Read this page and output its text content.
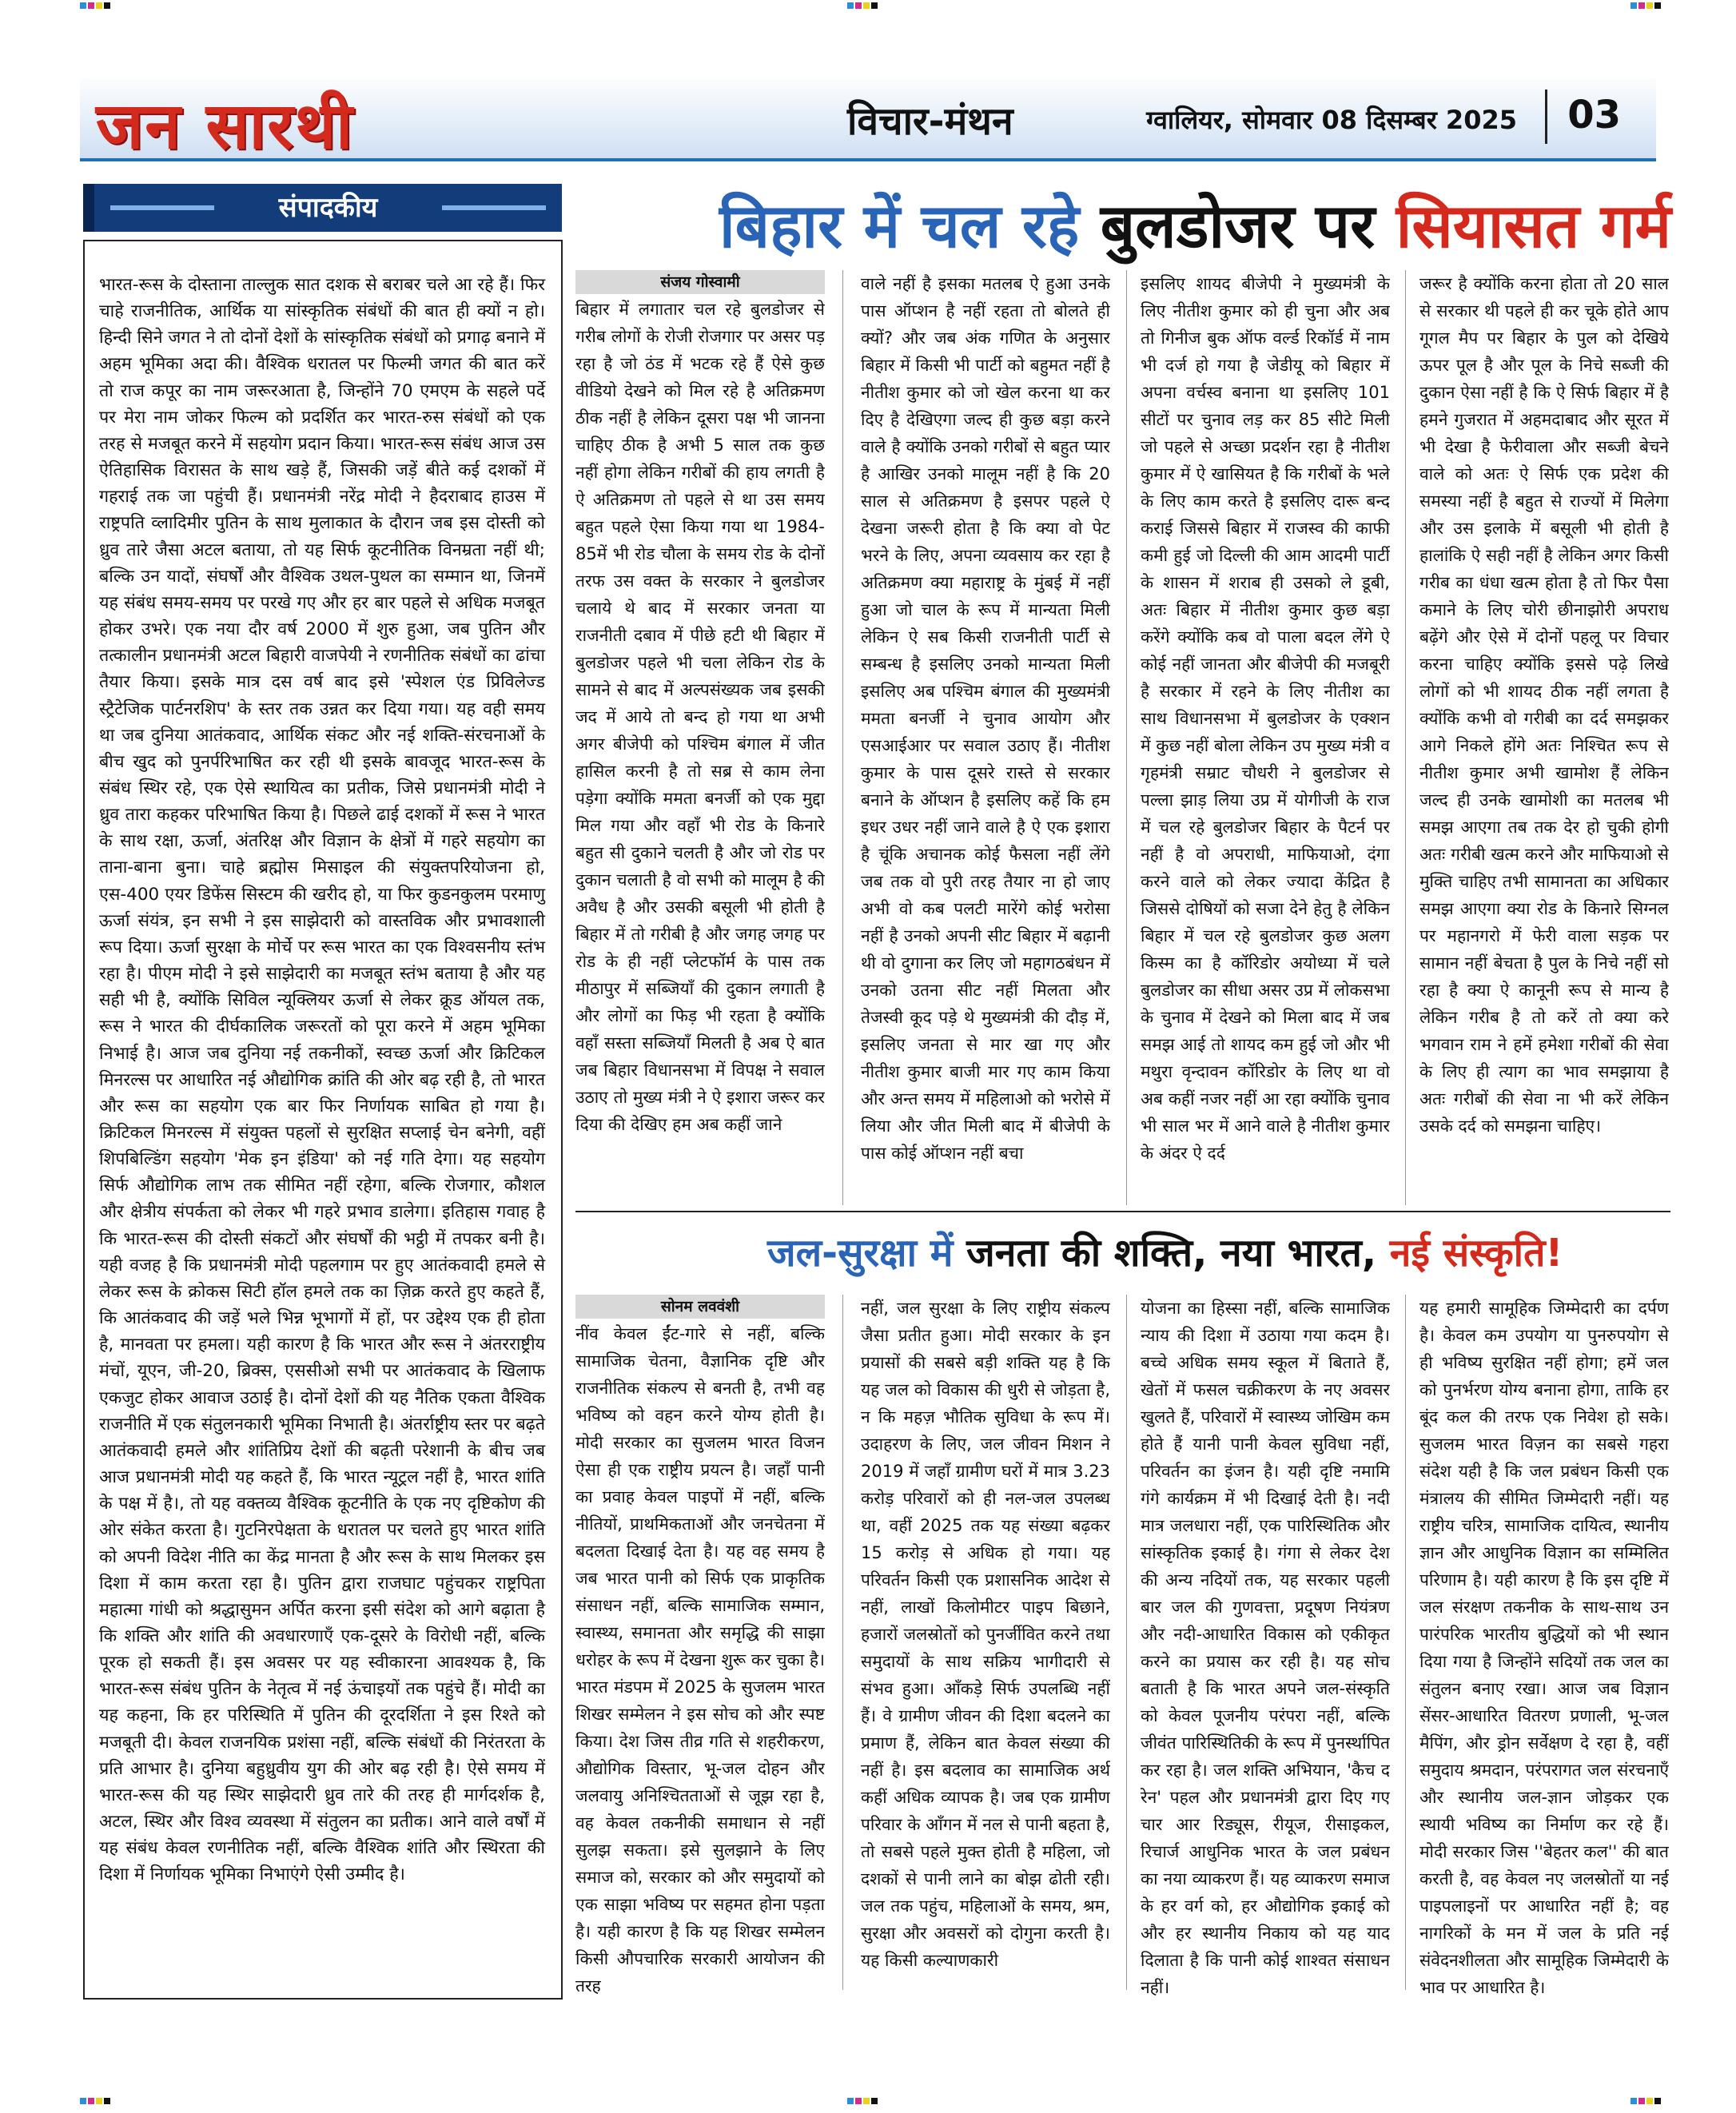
जन सारथी	विचार-मंथन	ग्वालियर, सोमवार 08 दिसम्बर 2025 03
संपादकीय

भारत-रूस के दोस्ताना ताल्लुक सात दशक से बराबर चले आ रहे हैं। फिर चाहे राजनीतिक, आर्थिक या सांस्कृतिक संबंधों की बात ही क्यों न हो। हिन्दी सिने जगत ने तो दोनों देशों के सांस्कृतिक संबंधों को प्रगाढ़ बनाने में अहम भूमिका अदा की। वैश्विक धरातल पर फिल्मी जगत की बात करें तो राज कपूर का नाम जरूरआता है, जिन्होंने 70 एमएम के सहले पर्दे पर मेरा नाम जोकर फिल्म को प्रदर्शित कर भारत-रुस संबंधों को एक तरह से मजबूत करने में सहयोग प्रदान किया। भारत-रूस संबंध आज उस ऐतिहासिक विरासत के साथ खड़े हैं, जिसकी जड़ें बीते कई दशकों में गहराई तक जा पहुंची हैं। प्रधानमंत्री नरेंद्र मोदी ने हैदराबाद हाउस में राष्ट्रपति व्लादिमीर पुतिन के साथ मुलाकात के दौरान जब इस दोस्ती को ध्रुव तारे जैसा अटल बताया, तो यह सिर्फ कूटनीतिक विनम्रता नहीं थी; बल्कि उन यादों, संघर्षों और वैश्विक उथल-पुथल का सम्मान था, जिनमें यह संबंध समय-समय पर परखे गए और हर बार पहले से अधिक मजबूत होकर उभरे। एक नया दौर वर्ष 2000 में शुरु हुआ, जब पुतिन और तत्कालीन प्रधानमंत्री अटल बिहारी वाजपेयी ने रणनीतिक संबंधों का ढांचा तैयार किया। इसके मात्र दस वर्ष बाद इसे 'स्पेशल एंड प्रिविलेज्ड स्ट्रैटेजिक पार्टनरशिप' के स्तर तक उन्नत कर दिया गया। यह वही समय था जब दुनिया आतंकवाद, आर्थिक संकट और नई शक्ति-संरचनाओं के बीच खुद को पुनर्परिभाषित कर रही थी इसके बावजूद भारत-रूस के संबंध स्थिर रहे, एक ऐसे स्थायित्व का प्रतीक, जिसे प्रधानमंत्री मोदी ने ध्रुव तारा कहकर परिभाषित किया है। पिछले ढाई दशकों में रूस ने भारत के साथ रक्षा, ऊर्जा, अंतरिक्ष और विज्ञान के क्षेत्रों में गहरे सहयोग का ताना-बाना बुना। चाहे ब्रह्मोस मिसाइल की संयुक्तपरियोजना हो, एस-400 एयर डिफेंस सिस्टम की खरीद हो, या फिर कुडनकुलम परमाणु ऊर्जा संयंत्र, इन सभी ने इस साझेदारी को वास्तविक और प्रभावशाली रूप दिया। ऊर्जा सुरक्षा के मोर्चे पर रूस भारत का एक विश्वसनीय स्तंभ रहा है। पीएम मोदी ने इसे साझेदारी का मजबूत स्तंभ बताया है और यह सही भी है, क्योंकि सिविल न्यूक्लियर ऊर्जा से लेकर क्रूड ऑयल तक, रूस ने भारत की दीर्घकालिक जरूरतों को पूरा करने में अहम भूमिका निभाई है। आज जब दुनिया नई तकनीकों, स्वच्छ ऊर्जा और क्रिटिकल मिनरल्स पर आधारित नई औद्योगिक क्रांति की ओर बढ़ रही है, तो भारत और रूस का सहयोग एक बार फिर निर्णायक साबित हो गया है। क्रिटिकल मिनरल्स में संयुक्त पहलों से सुरक्षित सप्लाई चेन बनेगी, वहीं शिपबिल्डिंग सहयोग 'मेक इन इंडिया' को नई गति देगा। यह सहयोग सिर्फ औद्योगिक लाभ तक सीमित नहीं रहेगा, बल्कि रोजगार, कौशल और क्षेत्रीय संपर्कता को लेकर भी गहरे प्रभाव डालेगा। इतिहास गवाह है कि भारत-रूस की दोस्ती संकटों और संघर्षों की भट्ठी में तपकर बनी है। यही वजह है कि प्रधानमंत्री मोदी पहलगाम पर हुए आतंकवादी हमले से लेकर रूस के क्रोकस सिटी हॉल हमले तक का ज़िक्र करते हुए कहते हैं, कि आतंकवाद की जड़ें भले भिन्न भूभागों में हों, पर उद्देश्य एक ही होता है, मानवता पर हमला। यही कारण है कि भारत और रूस ने अंतरराष्ट्रीय मंचों, यूएन, जी-20, ब्रिक्स, एससीओ सभी पर आतंकवाद के खिलाफ एकजुट होकर आवाज उठाई है। दोनों देशों की यह नैतिक एकता वैश्विक राजनीति में एक संतुलनकारी भूमिका निभाती है। अंतर्राष्ट्रीय स्तर पर बढ़ते आतंकवादी हमले और शांतिप्रिय देशों की बढ़ती परेशानी के बीच जब आज प्रधानमंत्री मोदी यह कहते हैं, कि भारत न्यूट्रल नहीं है, भारत शांति के पक्ष में है।, तो यह वक्तव्य वैश्विक कूटनीति के एक नए दृष्टिकोण की ओर संकेत करता है। गुटनिरपेक्षता के धरातल पर चलते हुए भारत शांति को अपनी विदेश नीति का केंद्र मानता है और रूस के साथ मिलकर इस दिशा में काम करता रहा है। पुतिन द्वारा राजघाट पहुंचकर राष्ट्रपिता महात्मा गांधी को श्रद्धासुमन अर्पित करना इसी संदेश को आगे बढ़ाता है कि शक्ति और शांति की अवधारणाएँ एक-दूसरे के विरोधी नहीं, बल्कि पूरक हो सकती हैं। इस अवसर पर यह स्वीकारना आवश्यक है, कि भारत-रूस संबंध पुतिन के नेतृत्व में नई ऊंचाइयों तक पहुंचे हैं। मोदी का यह कहना, कि हर परिस्थिति में पुतिन की दूरदर्शिता ने इस रिश्ते को मजबूती दी। केवल राजनयिक प्रशंसा नहीं, बल्कि संबंधों की निरंतरता के प्रति आभार है। दुनिया बहुध्रुवीय युग की ओर बढ़ रही है। ऐसे समय में भारत-रूस की यह स्थिर साझेदारी ध्रुव तारे की तरह ही मार्गदर्शक है, अटल, स्थिर और विश्व व्यवस्था में संतुलन का प्रतीक। आने वाले वर्षों में यह संबंध केवल रणनीतिक नहीं, बल्कि वैश्विक शांति और स्थिरता की दिशा में निर्णायक भूमिका निभाएंगे ऐसी उम्मीद है।

बिहार में चल रहे बुलडोजर पर सियासत गर्म
संजय गोस्वामी

बिहार में लगातार चल रहे बुलडोजर से गरीब लोगों के रोजी रोजगार पर असर पड़ रहा है जो ठंड में भटक रहे हैं ऐसे कुछ वीडियो देखने को मिल रहे है अतिक्रमण ठीक नहीं है लेकिन दूसरा पक्ष भी जानना चाहिए ठीक है अभी 5 साल तक कुछ नहीं होगा लेकिन गरीबों की हाय लगती है ऐ अतिक्रमण तो पहले से था उस समय बहुत पहले ऐसा किया गया था 1984-85में भी रोड चौला के समय रोड के दोनों तरफ उस वक्त के सरकार ने बुलडोजर चलाये थे बाद में सरकार जनता या राजनीती दबाव में पीछे हटी थी बिहार में बुलडोजर पहले भी चला लेकिन रोड के सामने से बाद में अल्पसंख्यक जब इसकी जद में आये तो बन्द हो गया था अभी अगर बीजेपी को पश्चिम बंगाल में जीत हासिल करनी है तो सब्र से काम लेना पड़ेगा क्योंकि ममता बनर्जी को एक मुद्दा मिल गया और वहाँ भी रोड के किनारे बहुत सी दुकाने चलती है और जो रोड पर दुकान चलाती है वो सभी को मालूम है की अवैध है और उसकी बसूली भी होती है बिहार में तो गरीबी है और जगह जगह पर रोड के ही नहीं प्लेटफॉर्म के पास तक मीठापुर में सब्जियाँ की दुकान लगाती है और लोगों का फिड़ भी रहता है क्योंकि वहाँ सस्ता सब्जियाँ मिलती है अब ऐ बात जब बिहार विधानसभा में विपक्ष ने सवाल उठाए तो मुख्य मंत्री ने ऐ इशारा जरूर कर दिया की देखिए हम अब कहीं जाने

वाले नहीं है इसका मतलब ऐ हुआ उनके पास ऑप्शन है नहीं रहता तो बोलते ही क्यों? और जब अंक गणित के अनुसार बिहार में किसी भी पार्टी को बहुमत नहीं है नीतीश कुमार को जो खेल करना था कर दिए है देखिएगा जल्द ही कुछ बड़ा करने वाले है क्योंकि उनको गरीबों से बहुत प्यार है आखिर उनको मालूम नहीं है कि 20 साल से अतिक्रमण है इसपर पहले ऐ देखना जरूरी होता है कि क्या वो पेट भरने के लिए, अपना व्यवसाय कर रहा है अतिक्रमण क्या महाराष्ट्र के मुंबई में नहीं हुआ जो चाल के रूप में मान्यता मिली लेकिन ऐ सब किसी राजनीती पार्टी से सम्बन्ध है इसलिए उनको मान्यता मिली इसलिए अब पश्चिम बंगाल की मुख्यमंत्री ममता बनर्जी ने चुनाव आयोग और एसआईआर पर सवाल उठाए हैं। नीतीश कुमार के पास दूसरे रास्ते से सरकार बनाने के ऑप्शन है इसलिए कहें कि हम इधर उधर नहीं जाने वाले है ऐ एक इशारा है चूंकि अचानक कोई फैसला नहीं लेंगे जब तक वो पुरी तरह तैयार ना हो जाए अभी वो कब पलटी मारेंगे कोई भरोसा नहीं है उनको अपनी सीट बिहार में बढ़ानी थी वो दुगाना कर लिए जो महागठबंधन में उनको उतना सीट नहीं मिलता और तेजस्वी कूद पड़े थे मुख्यमंत्री की दौड़ में, इसलिए जनता से मार खा गए और नीतीश कुमार बाजी मार गए काम किया और अन्त समय में महिलाओ को भरोसे में लिया और जीत मिली बाद में बीजेपी के पास कोई ऑप्शन नहीं बचा

इसलिए शायद बीजेपी ने मुख्यमंत्री के लिए नीतीश कुमार को ही चुना और अब तो गिनीज बुक ऑफ वर्ल्ड रिकॉर्ड में नाम भी दर्ज हो गया है जेडीयू को बिहार में अपना वर्चस्व बनाना था इसलिए 101 सीटों पर चुनाव लड़ कर 85 सीटे मिली जो पहले से अच्छा प्रदर्शन रहा है नीतीश कुमार में ऐ खासियत है कि गरीबों के भले के लिए काम करते है इसलिए दारू बन्द कराई जिससे बिहार में राजस्व की काफी कमी हुई जो दिल्ली की आम आदमी पार्टी के शासन में शराब ही उसको ले डूबी, अतः बिहार में नीतीश कुमार कुछ बड़ा करेंगे क्योंकि कब वो पाला बदल लेंगे ऐ कोई नहीं जानता और बीजेपी की मजबूरी है सरकार में रहने के लिए नीतीश का साथ विधानसभा में बुलडोजर के एक्शन में कुछ नहीं बोला लेकिन उप मुख्य मंत्री व गृहमंत्री सम्राट चौधरी ने बुलडोजर से पल्ला झाड़ लिया उप्र में योगीजी के राज में चल रहे बुलडोजर बिहार के पैटर्न पर नहीं है वो अपराधी, माफियाओ, दंगा करने वाले को लेकर ज्यादा केंद्रित है जिससे दोषियों को सजा देने हेतु है लेकिन बिहार में चल रहे बुलडोजर कुछ अलग किस्म का है कॉरिडोर अयोध्या में चले बुलडोजर का सीधा असर उप्र में लोकसभा के चुनाव में देखने को मिला बाद में जब समझ आई तो शायद कम हुई जो और भी मथुरा वृन्दावन कॉरिडोर के लिए था वो अब कहीं नजर नहीं आ रहा क्योंकि चुनाव भी साल भर में आने वाले है नीतीश कुमार के अंदर ऐ दर्द

जरूर है क्योंकि करना होता तो 20 साल से सरकार थी पहले ही कर चूके होते आप गूगल मैप पर बिहार के पुल को देखिये ऊपर पूल है और पूल के निचे सब्जी की दुकान ऐसा नहीं है कि ऐ सिर्फ बिहार में है हमने गुजरात में अहमदाबाद और सूरत में भी देखा है फेरीवाला और सब्जी बेचने वाले को अतः ऐ सिर्फ एक प्रदेश की समस्या नहीं है बहुत से राज्यों में मिलेगा और उस इलाके में बसूली भी होती है हालांकि ऐ सही नहीं है लेकिन अगर किसी गरीब का धंधा खत्म होता है तो फिर पैसा कमाने के लिए चोरी छीनाझोरी अपराध बढ़ेंगे और ऐसे में दोनों पहलू पर विचार करना चाहिए क्योंकि इससे पढ़े लिखे लोगों को भी शायद ठीक नहीं लगता है क्योंकि कभी वो गरीबी का दर्द समझकर आगे निकले होंगे अतः निश्चित रूप से नीतीश कुमार अभी खामोश हैं लेकिन जल्द ही उनके खामोशी का मतलब भी समझ आएगा तब तक देर हो चुकी होगी अतः गरीबी खत्म करने और माफियाओ से मुक्ति चाहिए तभी सामानता का अधिकार समझ आएगा क्या रोड के किनारे सिग्नल पर महानगरो में फेरी वाला सड़क पर सामान नहीं बेचता है पुल के निचे नहीं सो रहा है क्या ऐ कानूनी रूप से मान्य है लेकिन गरीब है तो करें तो क्या करे भगवान राम ने हमें हमेशा गरीबों की सेवा के लिए ही त्याग का भाव समझाया है अतः गरीबों की सेवा ना भी करें लेकिन उसके दर्द को समझना चाहिए।

जल-सुरक्षा में जनता की शक्ति, नया भारत, नई संस्कृति!
सोनम लववंशी

नींव केवल ईंट-गारे से नहीं, बल्कि सामाजिक चेतना, वैज्ञानिक दृष्टि और राजनीतिक संकल्प से बनती है, तभी वह भविष्य को वहन करने योग्य होती है। मोदी सरकार का सुजलम भारत विजन ऐसा ही एक राष्ट्रीय प्रयत्न है। जहाँ पानी का प्रवाह केवल पाइपों में नहीं, बल्कि नीतियों, प्राथमिकताओं और जनचेतना में बदलता दिखाई देता है। यह वह समय है जब भारत पानी को सिर्फ एक प्राकृतिक संसाधन नहीं, बल्कि सामाजिक सम्मान, स्वास्थ्य, समानता और समृद्धि की साझा धरोहर के रूप में देखना शुरू कर चुका है। भारत मंडपम में 2025 के सुजलम भारत शिखर सम्मेलन ने इस सोच को और स्पष्ट किया। देश जिस तीव्र गति से शहरीकरण, औद्योगिक विस्तार, भू-जल दोहन और जलवायु अनिश्चितताओं से जूझ रहा है, वह केवल तकनीकी समाधान से नहीं सुलझ सकता। इसे सुलझाने के लिए समाज को, सरकार को और समुदायों को एक साझा भविष्य पर सहमत होना पड़ता है। यही कारण है कि यह शिखर सम्मेलन किसी औपचारिक सरकारी आयोजन की तरह

नहीं, जल सुरक्षा के लिए राष्ट्रीय संकल्प जैसा प्रतीत हुआ। मोदी सरकार के इन प्रयासों की सबसे बड़ी शक्ति यह है कि यह जल को विकास की धुरी से जोड़ता है, न कि महज़ भौतिक सुविधा के रूप में। उदाहरण के लिए, जल जीवन मिशन ने 2019 में जहाँ ग्रामीण घरों में मात्र 3.23 करोड़ परिवारों को ही नल-जल उपलब्ध था, वहीं 2025 तक यह संख्या बढ़कर 15 करोड़ से अधिक हो गया। यह परिवर्तन किसी एक प्रशासनिक आदेश से नहीं, लाखों किलोमीटर पाइप बिछाने, हजारों जलस्रोतों को पुनर्जीवित करने तथा समुदायों के साथ सक्रिय भागीदारी से संभव हुआ। आँकड़े सिर्फ उपलब्धि नहीं हैं। वे ग्रामीण जीवन की दिशा बदलने का प्रमाण हैं, लेकिन बात केवल संख्या की नहीं है। इस बदलाव का सामाजिक अर्थ कहीं अधिक व्यापक है। जब एक ग्रामीण परिवार के आँगन में नल से पानी बहता है, तो सबसे पहले मुक्त होती है महिला, जो दशकों से पानी लाने का बोझ ढोती रही। जल तक पहुंच, महिलाओं के समय, श्रम, सुरक्षा और अवसरों को दोगुना करती है। यह किसी कल्याणकारी

योजना का हिस्सा नहीं, बल्कि सामाजिक न्याय की दिशा में उठाया गया कदम है। बच्चे अधिक समय स्कूल में बिताते हैं, खेतों में फसल चक्रीकरण के नए अवसर खुलते हैं, परिवारों में स्वास्थ्य जोखिम कम होते हैं यानी पानी केवल सुविधा नहीं, परिवर्तन का इंजन है। यही दृष्टि नमामि गंगे कार्यक्रम में भी दिखाई देती है। नदी मात्र जलधारा नहीं, एक पारिस्थितिक और सांस्कृतिक इकाई है। गंगा से लेकर देश की अन्य नदियों तक, यह सरकार पहली बार जल की गुणवत्ता, प्रदूषण नियंत्रण और नदी-आधारित विकास को एकीकृत करने का प्रयास कर रही है। यह सोच बताती है कि भारत अपने जल-संस्कृति को केवल पूजनीय परंपरा नहीं, बल्कि जीवंत पारिस्थितिकी के रूप में पुनर्स्थापित कर रहा है। जल शक्ति अभियान, 'कैच द रेन' पहल और प्रधानमंत्री द्वारा दिए गए चार आर रिड्यूस, रीयूज, रीसाइकल, रिचार्ज आधुनिक भारत के जल प्रबंधन का नया व्याकरण हैं। यह व्याकरण समाज के हर वर्ग को, हर औद्योगिक इकाई को और हर स्थानीय निकाय को यह याद दिलाता है कि पानी कोई शाश्वत संसाधन नहीं।

यह हमारी सामूहिक जिम्मेदारी का दर्पण है। केवल कम उपयोग या पुनरुपयोग से ही भविष्य सुरक्षित नहीं होगा; हमें जल को पुनर्भरण योग्य बनाना होगा, ताकि हर बूंद कल की तरफ एक निवेश हो सके। सुजलम भारत विज़न का सबसे गहरा संदेश यही है कि जल प्रबंधन किसी एक मंत्रालय की सीमित जिम्मेदारी नहीं। यह राष्ट्रीय चरित्र, सामाजिक दायित्व, स्थानीय ज्ञान और आधुनिक विज्ञान का सम्मिलित परिणाम है। यही कारण है कि इस दृष्टि में जल संरक्षण तकनीक के साथ-साथ उन पारंपरिक भारतीय बुद्धियों को भी स्थान दिया गया है जिन्होंने सदियों तक जल का संतुलन बनाए रखा। आज जब विज्ञान सेंसर-आधारित वितरण प्रणाली, भू-जल मैपिंग, और ड्रोन सर्वेक्षण दे रहा है, वहीं समुदाय श्रमदान, परंपरागत जल संरचनाएँ और स्थानीय जल-ज्ञान जोड़कर एक स्थायी भविष्य का निर्माण कर रहे हैं। मोदी सरकार जिस ''बेहतर कल'' की बात करती है, वह केवल नए जलस्रोतों या नई पाइपलाइनों पर आधारित नहीं है; वह नागरिकों के मन में जल के प्रति नई संवेदनशीलता और सामूहिक जिम्मेदारी के भाव पर आधारित है।
